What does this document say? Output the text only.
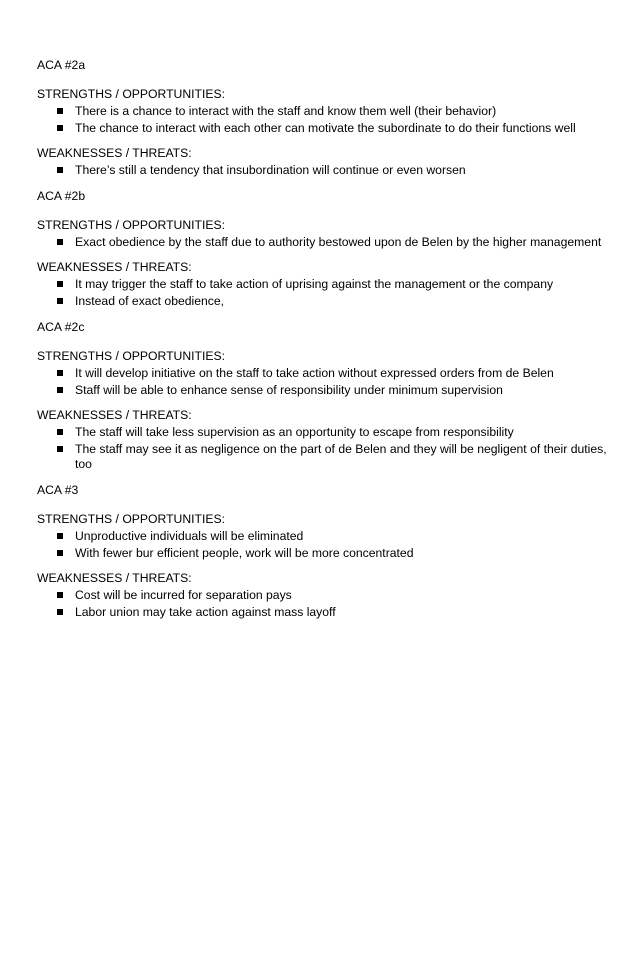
ACA #2a
STRENGTHS / OPPORTUNITIES:
There is a chance to interact with the staff and know them well (their behavior)
The chance to interact with each other can motivate the subordinate to do their functions well
WEAKNESSES / THREATS:
There’s still a tendency that insubordination will continue or even worsen
ACA #2b
STRENGTHS / OPPORTUNITIES:
Exact obedience by the staff due to authority bestowed upon de Belen by the higher management
WEAKNESSES / THREATS:
It may trigger the staff to take action of uprising against the management or the company
Instead of exact obedience,
ACA #2c
STRENGTHS / OPPORTUNITIES:
It will develop initiative on the staff to take action without expressed orders from de Belen
Staff will be able to enhance sense of responsibility under minimum supervision
WEAKNESSES / THREATS:
The staff will take less supervision as an opportunity to escape from responsibility
The staff may see it as negligence on the part of de Belen and they will be negligent of their duties, too
ACA #3
STRENGTHS / OPPORTUNITIES:
Unproductive individuals will be eliminated
With fewer bur efficient people, work will be more concentrated
WEAKNESSES / THREATS:
Cost will be incurred for separation pays
Labor union may take action against mass layoff
